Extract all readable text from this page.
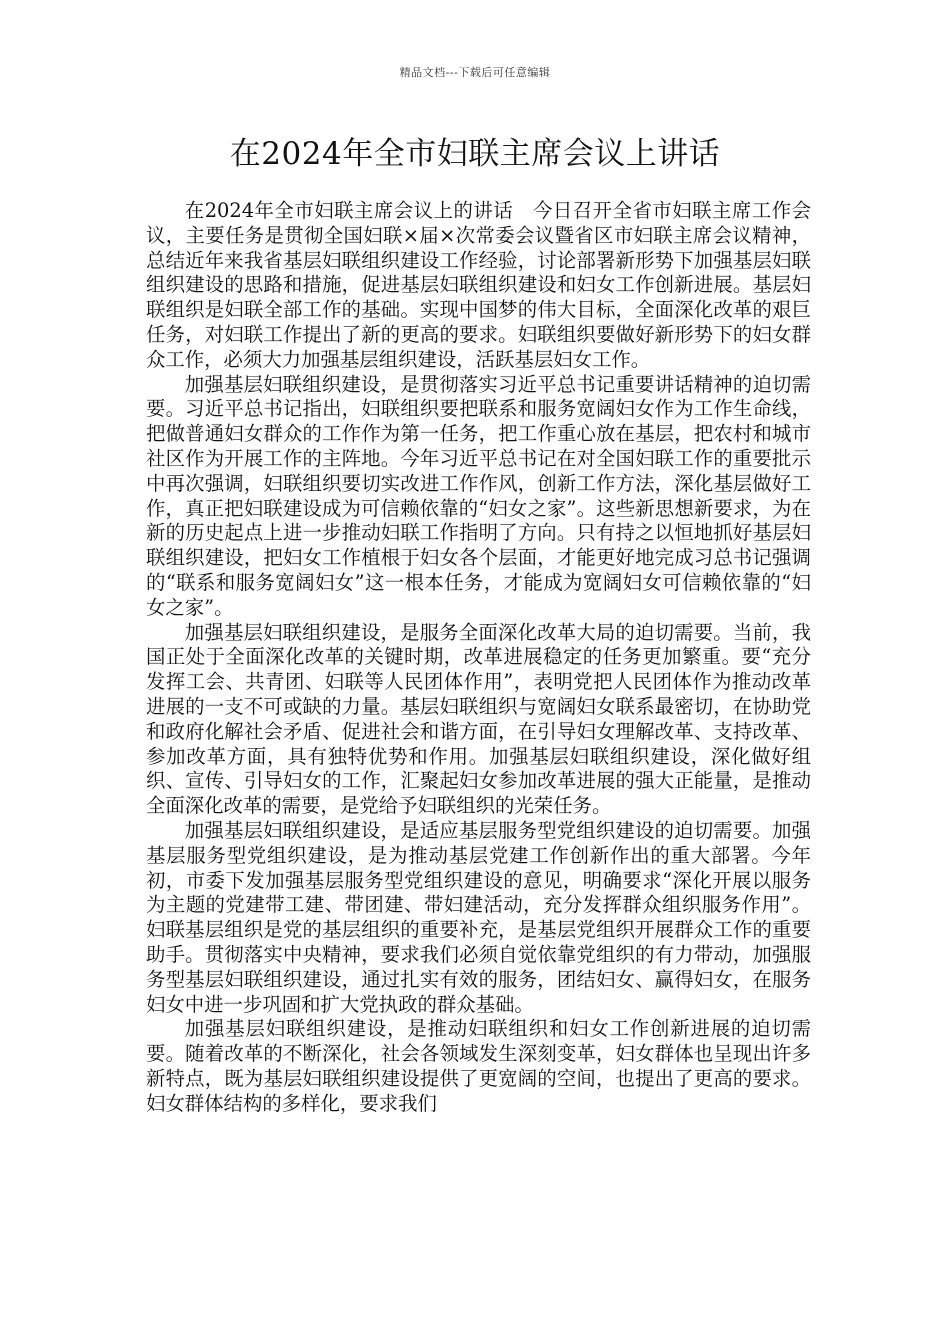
精品文档---下载后可任意编辑
在2024年全市妇联主席会议上讲话

在2024年全市妇联主席会议上的讲话　今日召开全省市妇联主席工作会议，主要任务是贯彻全国妇联×届×次常委会议暨省区市妇联主席会议精神，总结近年来我省基层妇联组织建设工作经验，讨论部署新形势下加强基层妇联组织建设的思路和措施，促进基层妇联组织建设和妇女工作创新进展。基层妇联组织是妇联全部工作的基础。实现中国梦的伟大目标，全面深化改革的艰巨任务，对妇联工作提出了新的更高的要求。妇联组织要做好新形势下的妇女群众工作，必须大力加强基层组织建设，活跃基层妇女工作。

加强基层妇联组织建设，是贯彻落实习近平总书记重要讲话精神的迫切需要。习近平总书记指出，妇联组织要把联系和服务宽阔妇女作为工作生命线，把做普通妇女群众的工作作为第一任务，把工作重心放在基层，把农村和城市社区作为开展工作的主阵地。今年习近平总书记在对全国妇联工作的重要批示中再次强调，妇联组织要切实改进工作作风，创新工作方法，深化基层做好工作，真正把妇联建设成为可信赖依靠的“妇女之家”。这些新思想新要求，为在新的历史起点上进一步推动妇联工作指明了方向。只有持之以恒地抓好基层妇联组织建设，把妇女工作植根于妇女各个层面，才能更好地完成习总书记强调的“联系和服务宽阔妇女”这一根本任务，才能成为宽阔妇女可信赖依靠的“妇女之家”。

加强基层妇联组织建设，是服务全面深化改革大局的迫切需要。当前，我国正处于全面深化改革的关键时期，改革进展稳定的任务更加繁重。要“充分发挥工会、共青团、妇联等人民团体作用”，表明党把人民团体作为推动改革进展的一支不可或缺的力量。基层妇联组织与宽阔妇女联系最密切，在协助党和政府化解社会矛盾、促进社会和谐方面，在引导妇女理解改革、支持改革、参加改革方面，具有独特优势和作用。加强基层妇联组织建设，深化做好组织、宣传、引导妇女的工作，汇聚起妇女参加改革进展的强大正能量，是推动全面深化改革的需要，是党给予妇联组织的光荣任务。

加强基层妇联组织建设，是适应基层服务型党组织建设的迫切需要。加强基层服务型党组织建设，是为推动基层党建工作创新作出的重大部署。今年初，市委下发加强基层服务型党组织建设的意见，明确要求“深化开展以服务为主题的党建带工建、带团建、带妇建活动，充分发挥群众组织服务作用”。妇联基层组织是党的基层组织的重要补充，是基层党组织开展群众工作的重要助手。贯彻落实中央精神，要求我们必须自觉依靠党组织的有力带动，加强服务型基层妇联组织建设，通过扎实有效的服务，团结妇女、赢得妇女，在服务妇女中进一步巩固和扩大党执政的群众基础。

加强基层妇联组织建设，是推动妇联组织和妇女工作创新进展的迫切需要。随着改革的不断深化，社会各领域发生深刻变革，妇女群体也呈现出许多新特点，既为基层妇联组织建设提供了更宽阔的空间，也提出了更高的要求。妇女群体结构的多样化，要求我们
